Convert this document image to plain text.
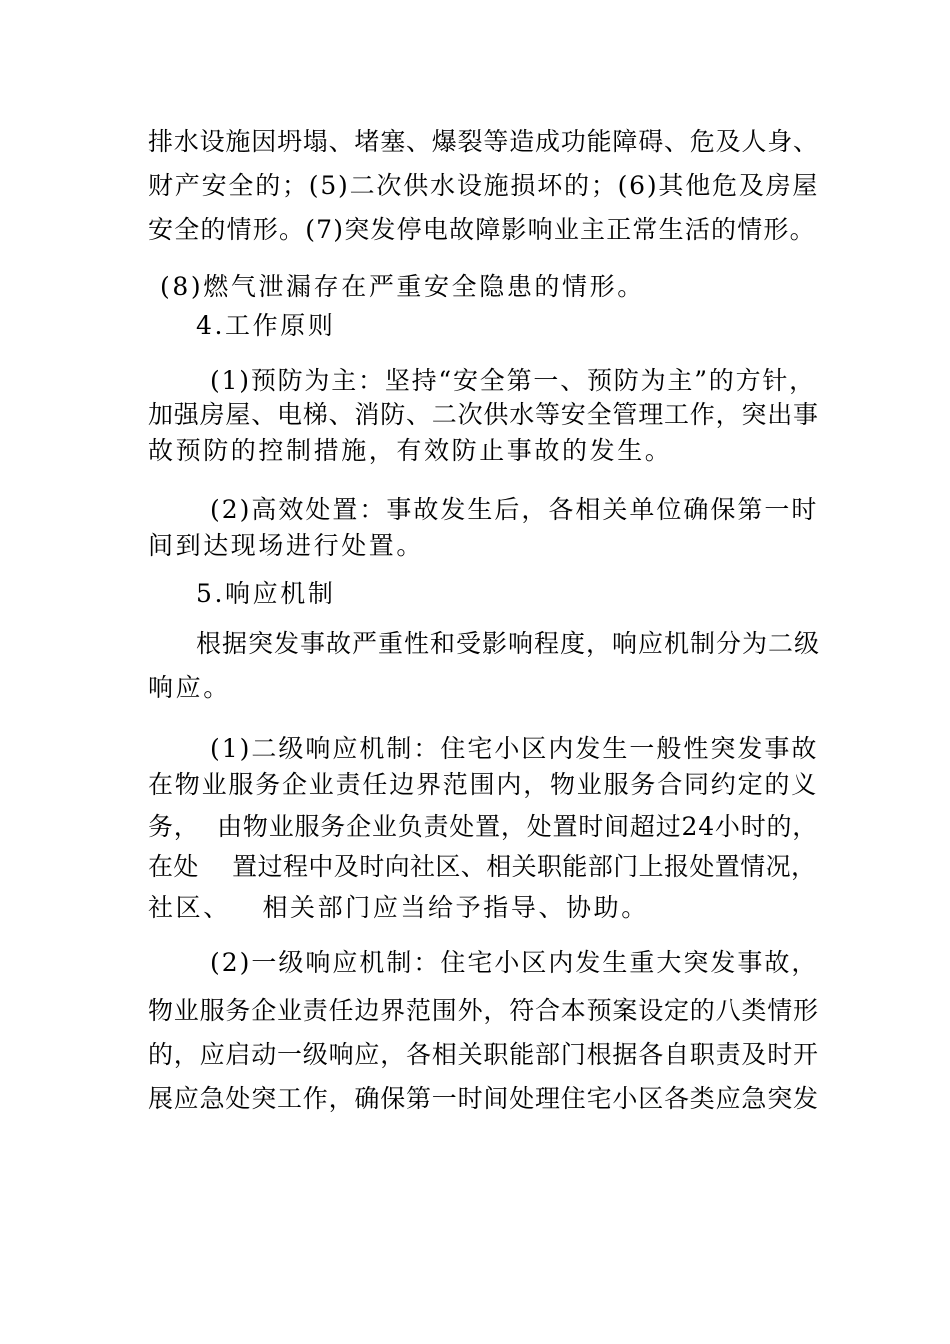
排水设施因坍塌、堵塞、爆裂等造成功能障碍、危及人身、

财产安全的；(5)二次供水设施损坏的；(6)其他危及房屋

安全的情形。(7)突发停电故障影响业主正常生活的情形。

(8)燃气泄漏存在严重安全隐患的情形。

4.工作原则

(1)预防为主：坚持“安全第一、预防为主”的方针，

加强房屋、电梯、消防、二次供水等安全管理工作，突出事

故预防的控制措施，有效防止事故的发生。

(2)高效处置：事故发生后，各相关单位确保第一时

间到达现场进行处置。

5.响应机制

根据突发事故严重性和受影响程度，响应机制分为二级

响应。

(1)二级响应机制：住宅小区内发生一般性突发事故

在物业服务企业责任边界范围内，物业服务合同约定的义

务，  由物业服务企业负责处置，处置时间超过24小时的，

在处    置过程中及时向社区、相关职能部门上报处置情况，

社区、   相关部门应当给予指导、协助。

(2)一级响应机制：住宅小区内发生重大突发事故，

物业服务企业责任边界范围外，符合本预案设定的八类情形

的，应启动一级响应，各相关职能部门根据各自职责及时开

展应急处突工作，确保第一时间处理住宅小区各类应急突发
